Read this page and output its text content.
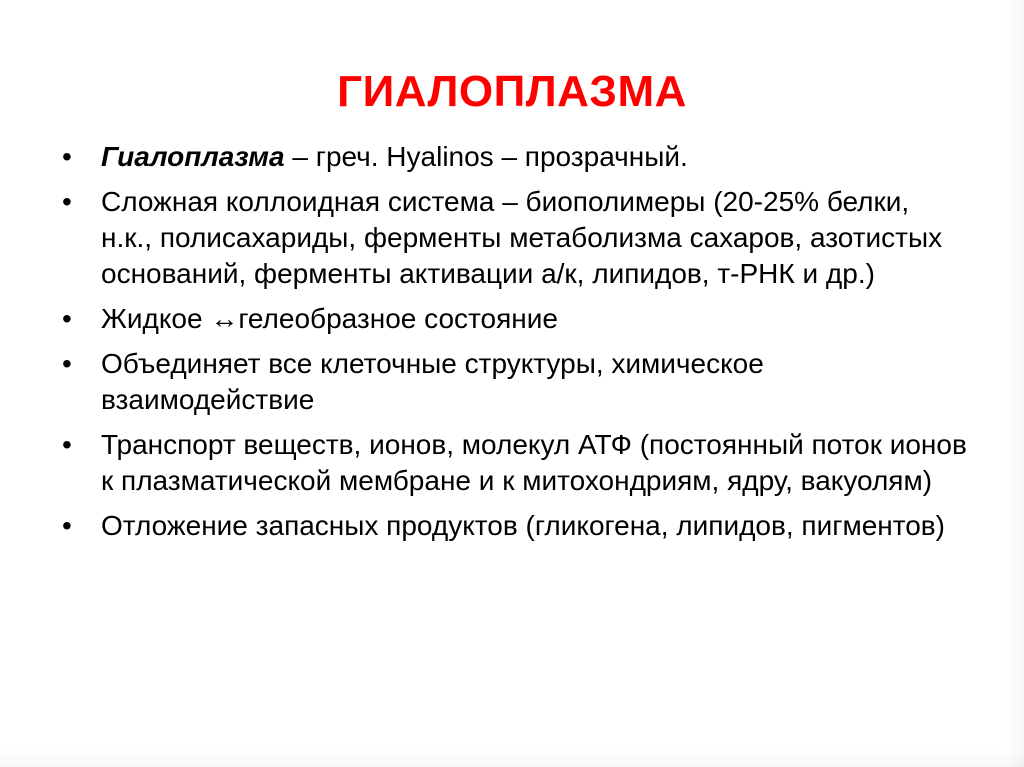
ГИАЛОПЛАЗМА
•	Гиалоплазма – греч. Hyalinos – прозрачный.
•	Сложная коллоидная система – биополимеры (20-25% белки, н.к., полисахариды, ферменты метаболизма сахаров, азотистых оснований, ферменты активации а/к, липидов, т-РНК и др.)
•	Жидкое ↔гелеобразное состояние
•	Объединяет все клеточные структуры, химическое взаимодействие
•	Транспорт веществ, ионов, молекул АТФ (постоянный поток ионов к плазматической мембране и к митохондриям, ядру, вакуолям)
•	Отложение запасных продуктов (гликогена, липидов, пигментов)
